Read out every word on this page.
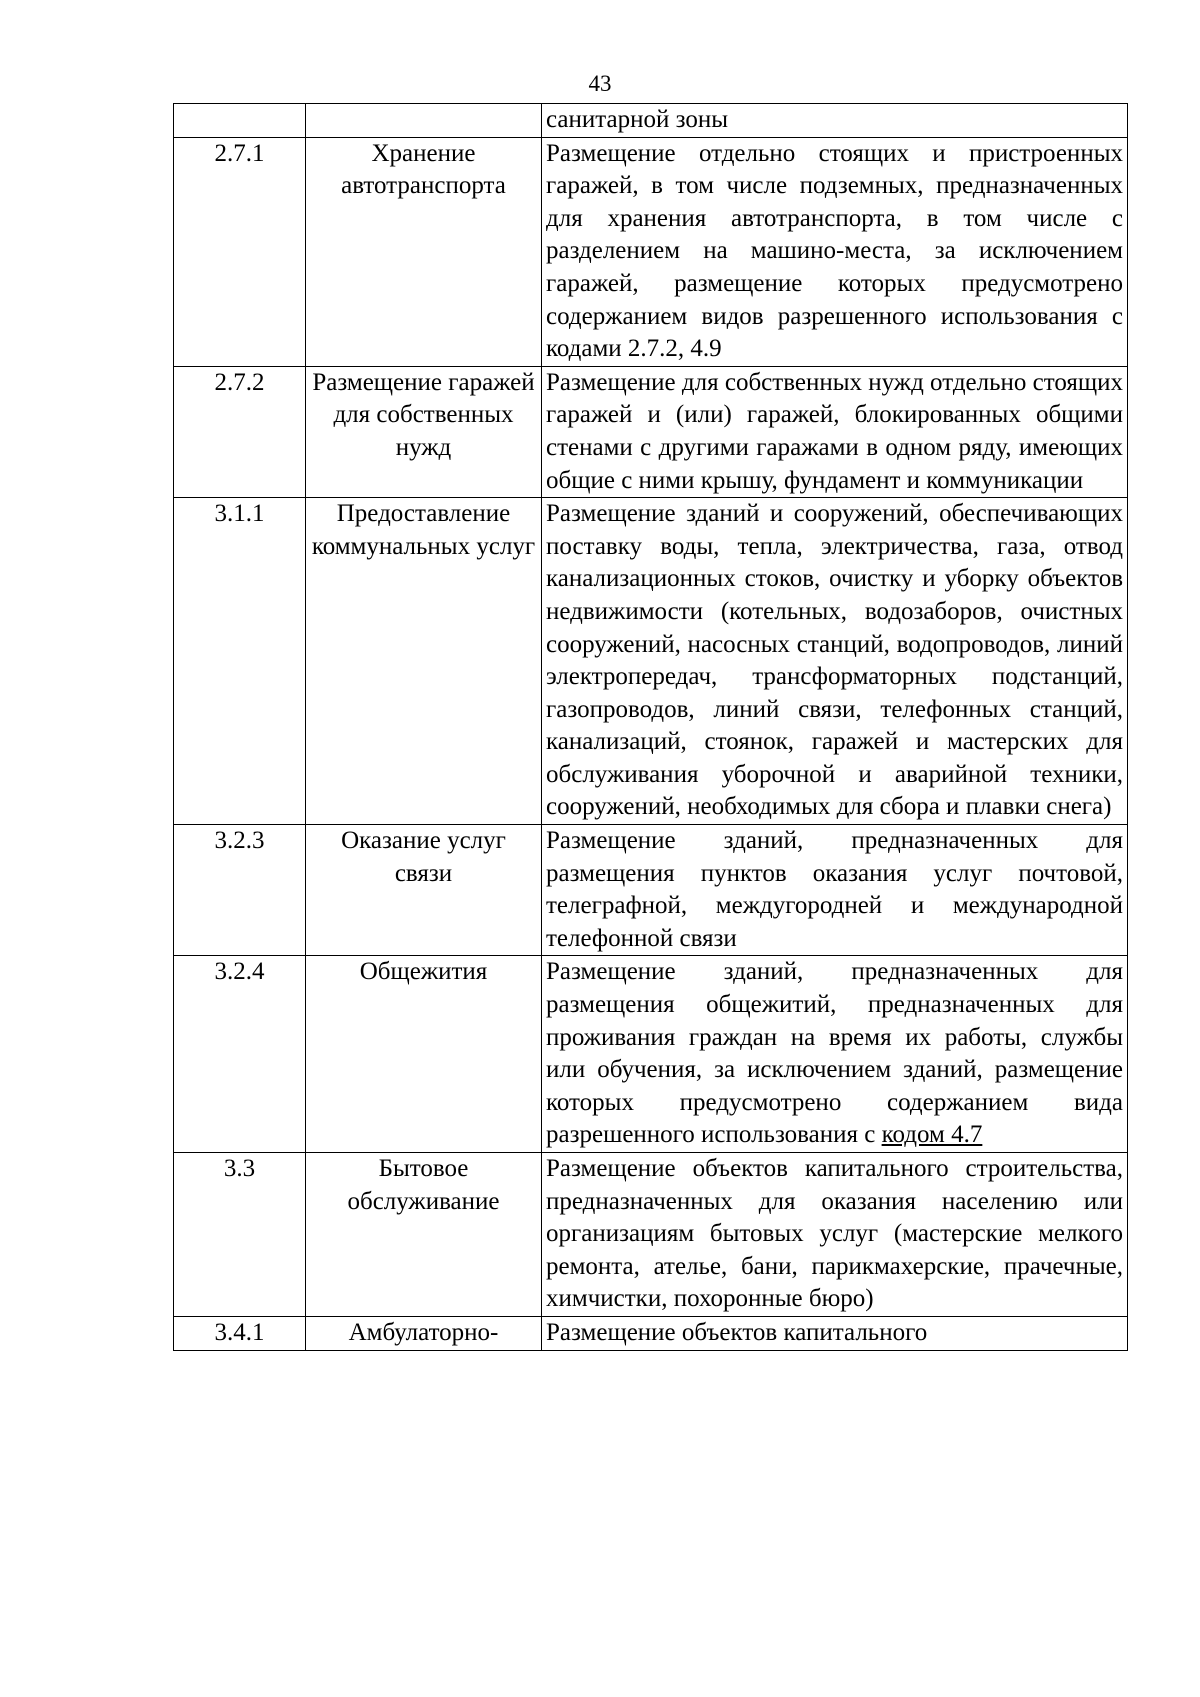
43
		санитарной зоны
2.7.1	Хранение автотранспорта	Размещение отдельно стоящих и пристроенных гаражей, в том числе подземных, предназначенных для хранения автотранспорта, в том числе с разделением на машино-места, за исключением гаражей, размещение которых предусмотрено содержанием видов разрешенного использования с кодами 2.7.2, 4.9
2.7.2	Размещение гаражей для собственных нужд	Размещение для собственных нужд отдельно стоящих гаражей и (или) гаражей, блокированных общими стенами с другими гаражами в одном ряду, имеющих общие с ними крышу, фундамент и коммуникации
3.1.1	Предоставление коммунальных услуг	Размещение зданий и сооружений, обеспечивающих поставку воды, тепла, электричества, газа, отвод канализационных стоков, очистку и уборку объектов недвижимости (котельных, водозаборов, очистных сооружений, насосных станций, водопроводов, линий электропередач, трансформаторных подстанций, газопроводов, линий связи, телефонных станций, канализаций, стоянок, гаражей и мастерских для обслуживания уборочной и аварийной техники, сооружений, необходимых для сбора и плавки снега)
3.2.3	Оказание услуг связи	Размещение зданий, предназначенных для размещения пунктов оказания услуг почтовой, телеграфной, междугородней и международной телефонной связи
3.2.4	Общежития	Размещение зданий, предназначенных для размещения общежитий, предназначенных для проживания граждан на время их работы, службы или обучения, за исключением зданий, размещение которых предусмотрено содержанием вида разрешенного использования с кодом 4.7
3.3	Бытовое обслуживание	Размещение объектов капитального строительства, предназначенных для оказания населению или организациям бытовых услуг (мастерские мелкого ремонта, ателье, бани, парикмахерские, прачечные, химчистки, похоронные бюро)
3.4.1	Амбулаторно-	Размещение объектов капитального
